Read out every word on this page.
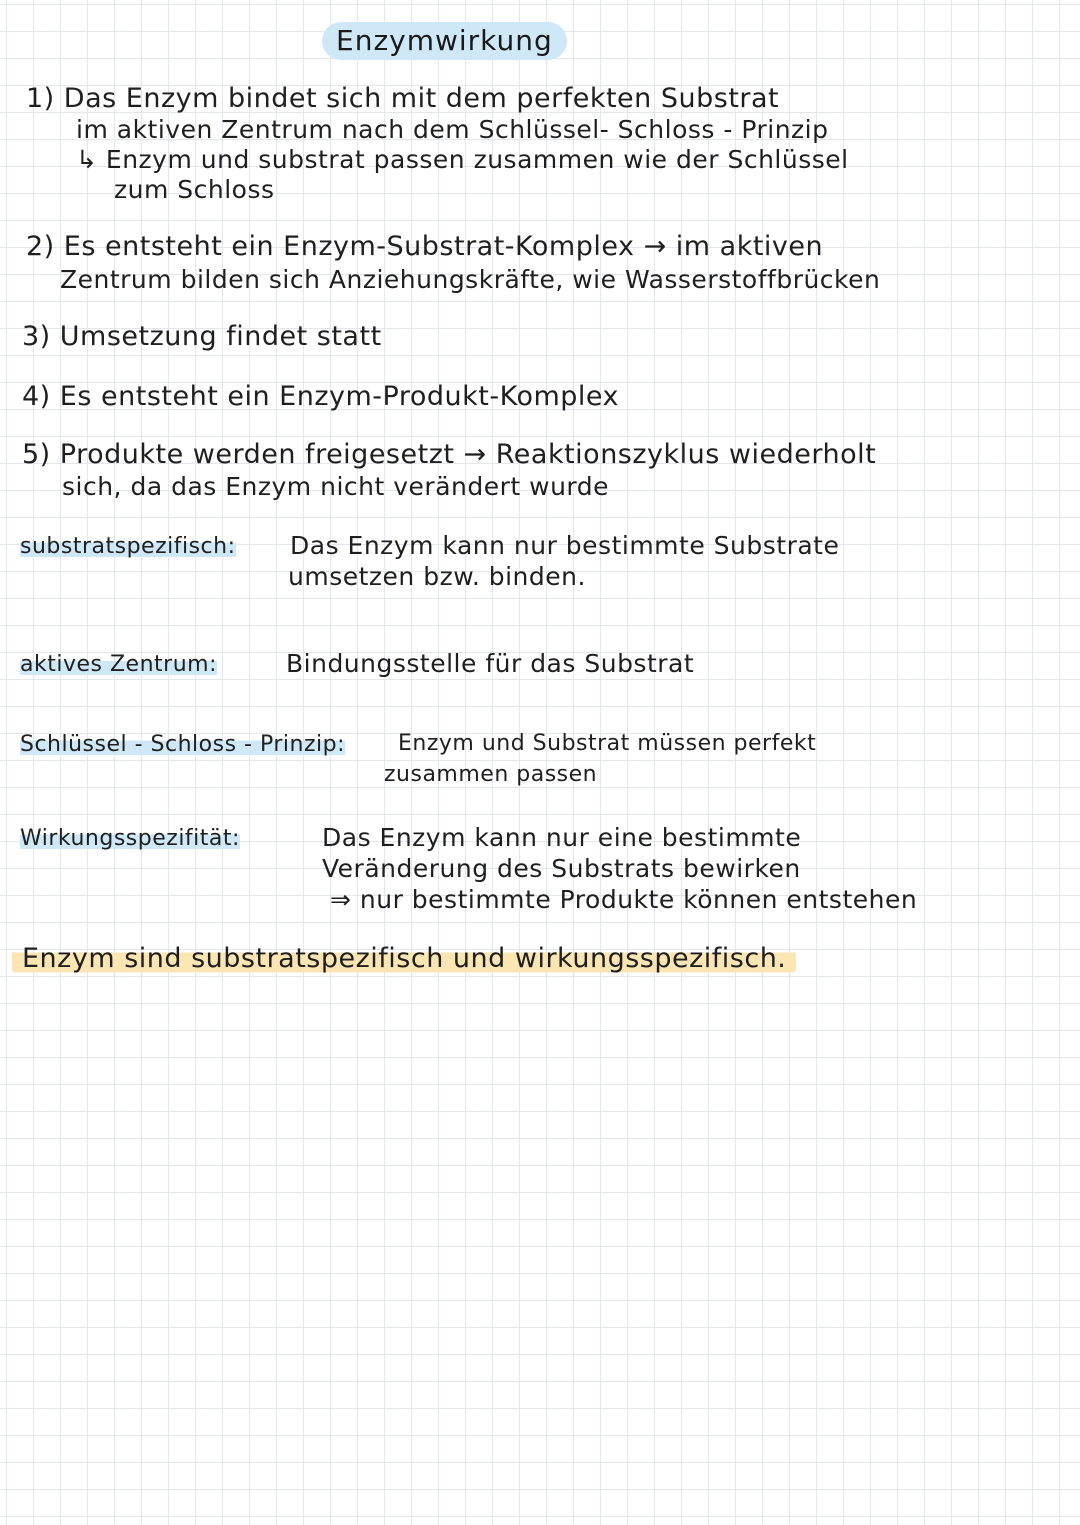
Enzymwirkung
1) Das Enzym bindet sich mit dem perfekten Substrat
im aktiven Zentrum nach dem Schlüssel- Schloss - Prinzip
↳ Enzym und substrat passen zusammen wie der Schlüssel
zum Schloss
2) Es entsteht ein Enzym-Substrat-Komplex → im aktiven
Zentrum bilden sich Anziehungskräfte, wie Wasserstoffbrücken
3) Umsetzung findet statt
4) Es entsteht ein Enzym-Produkt-Komplex
5) Produkte werden freigesetzt → Reaktionszyklus wiederholt
sich, da das Enzym nicht verändert wurde
substratspezifisch: Das Enzym kann nur bestimmte Substrate
umsetzen bzw. binden.
aktives Zentrum:	Bindungsstelle für das Substrat
Schlüssel - Schloss - Prinzip: Enzym und Substrat müssen perfekt
zusammen passen
Wirkungsspezifität:	Das Enzym kann nur eine bestimmte
Veränderung des Substrats bewirken
⇒ nur bestimmte Produkte können entstehen
Enzym sind substratspezifisch und wirkungsspezifisch.
